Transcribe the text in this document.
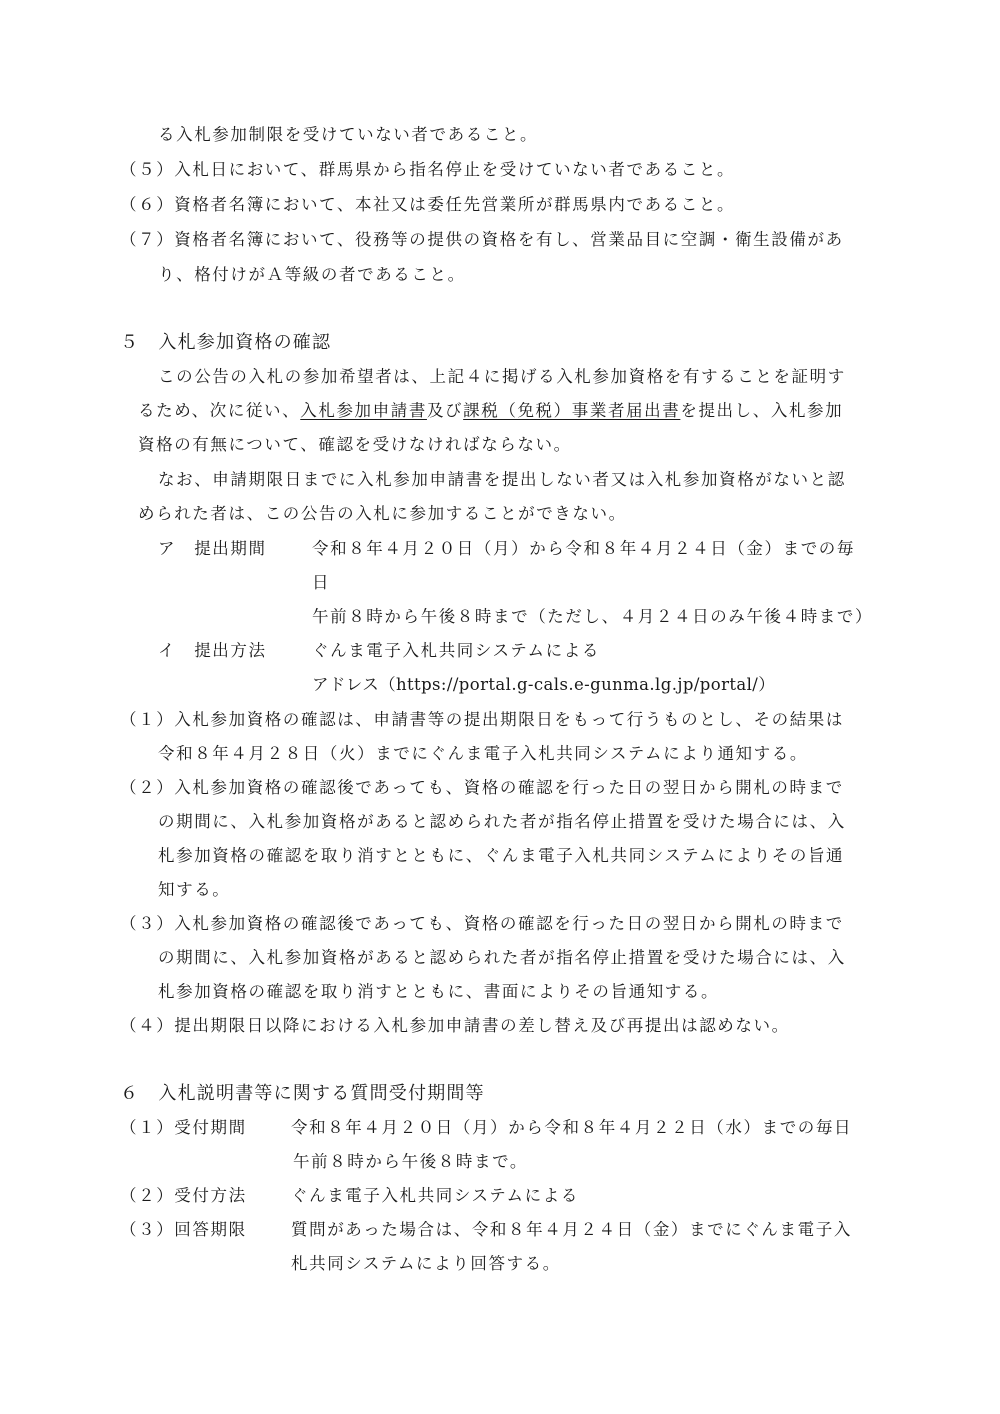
る入札参加制限を受けていない者であること。
（５）入札日において、群馬県から指名停止を受けていない者であること。
（６）資格者名簿において、本社又は委任先営業所が群馬県内であること。
（７）資格者名簿において、役務等の提供の資格を有し、営業品目に空調・衛生設備があ
り、格付けがＡ等級の者であること。
５　入札参加資格の確認
この公告の入札の参加希望者は、上記４に掲げる入札参加資格を有することを証明す
るため、次に従い、入札参加申請書及び課税（免税）事業者届出書を提出し、入札参加
資格の有無について、確認を受けなければならない。
なお、申請期限日までに入札参加申請書を提出しない者又は入札参加資格がないと認
められた者は、この公告の入札に参加することができない。
ア　提出期間	令和８年４月２０日（月）から令和８年４月２４日（金）までの毎
日
午前８時から午後８時まで（ただし、４月２４日のみ午後４時まで）
イ　提出方法	ぐんま電子入札共同システムによる
アドレス（https://portal.g-cals.e-gunma.lg.jp/portal/）
（１）入札参加資格の確認は、申請書等の提出期限日をもって行うものとし、その結果は
令和８年４月２８日（火）までにぐんま電子入札共同システムにより通知する。
（２）入札参加資格の確認後であっても、資格の確認を行った日の翌日から開札の時まで
の期間に、入札参加資格があると認められた者が指名停止措置を受けた場合には、入
札参加資格の確認を取り消すとともに、ぐんま電子入札共同システムによりその旨通
知する。
（３）入札参加資格の確認後であっても、資格の確認を行った日の翌日から開札の時まで
の期間に、入札参加資格があると認められた者が指名停止措置を受けた場合には、入
札参加資格の確認を取り消すとともに、書面によりその旨通知する。
（４）提出期限日以降における入札参加申請書の差し替え及び再提出は認めない。
６　入札説明書等に関する質問受付期間等
（１）受付期間	令和８年４月２０日（月）から令和８年４月２２日（水）までの毎日
午前８時から午後８時まで。
（２）受付方法	ぐんま電子入札共同システムによる
（３）回答期限	質問があった場合は、令和８年４月２４日（金）までにぐんま電子入
札共同システムにより回答する。
